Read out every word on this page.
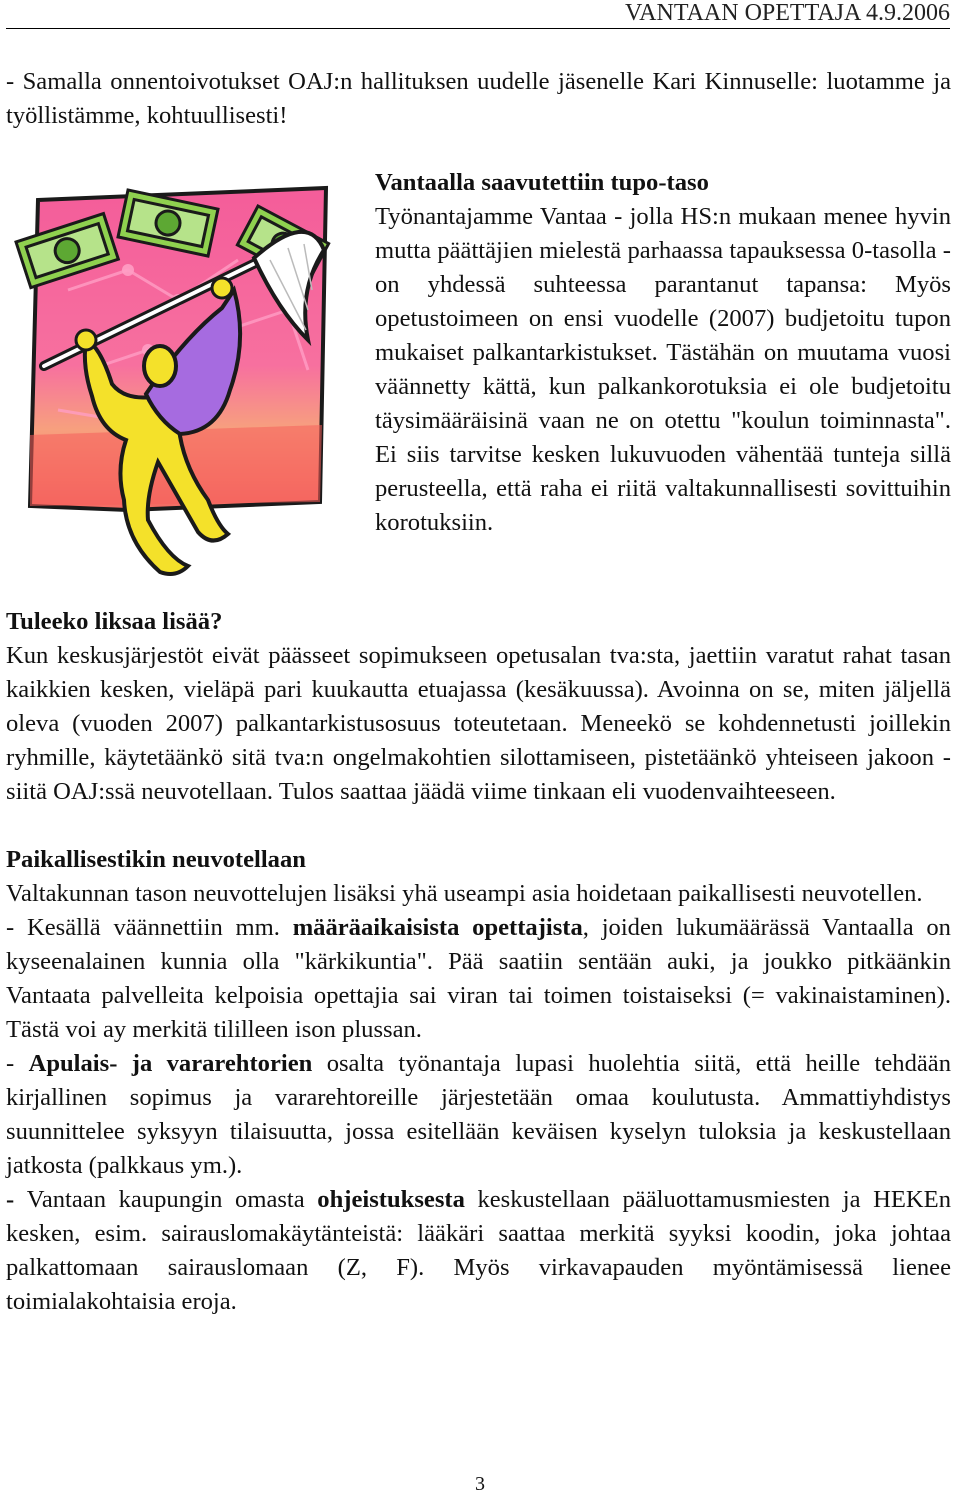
VANTAAN OPETTAJA 4.9.2006

- Samalla onnentoivotukset OAJ:n hallituksen uudelle jäsenelle Kari Kinnuselle: luotamme ja työllistämme, kohtuullisesti!

Vantaalla saavutettiin tupo-taso

Työnantajamme Vantaa - jolla HS:n mukaan menee hyvin mutta päättäjien mielestä parhaassa tapauksessa 0-tasolla - on yhdessä suhteessa parantanut tapansa: Myös opetustoimeen on ensi vuodelle (2007) budjetoitu tupon mukaiset palkantarkistukset. Tästähän on muutama vuosi väännetty kättä, kun palkankorotuksia ei ole budjetoitu täysimääräisinä vaan ne on otettu "koulun toiminnasta". Ei siis tarvitse kesken lukuvuoden vähentää tunteja sillä perusteella, että raha ei riitä valtakunnallisesti sovittuihin korotuksiin.

Tuleeko liksaa lisää?

Kun keskusjärjestöt eivät päässeet sopimukseen opetusalan tva:sta, jaettiin varatut rahat tasan kaikkien kesken, vieläpä pari kuukautta etuajassa (kesäkuussa). Avoinna on se, miten jäljellä oleva (vuoden 2007) palkantarkistusosuus toteutetaan. Meneekö se kohdennetusti joillekin ryhmille, käytetäänkö sitä tva:n ongelmakohtien silottamiseen, pistetäänkö yhteiseen jakoon - siitä OAJ:ssä neuvotellaan. Tulos saattaa jäädä viime tinkaan eli vuodenvaihteeseen.

Paikallisestikin neuvotellaan

Valtakunnan tason neuvottelujen lisäksi yhä useampi asia hoidetaan paikallisesti neuvotellen.

- Kesällä väännettiin mm. määräaikaisista opettajista, joiden lukumäärässä Vantaalla on kyseenalainen kunnia olla "kärkikuntia". Pää saatiin sentään auki, ja joukko pitkäänkin Vantaata palvelleita kelpoisia opettajia sai viran tai toimen toistaiseksi (= vakinaistaminen). Tästä voi ay merkitä tililleen ison plussan.

- Apulais- ja vararehtorien osalta työnantaja lupasi huolehtia siitä, että heille tehdään kirjallinen sopimus ja vararehtoreille järjestetään omaa koulutusta. Ammattiyhdistys suunnittelee syksyyn tilaisuutta, jossa esitellään keväisen kyselyn tuloksia ja keskustellaan jatkosta (palkkaus ym.).

- Vantaan kaupungin omasta ohjeistuksesta keskustellaan pääluottamusmiesten ja HEKEn kesken, esim. sairauslomakäytänteistä: lääkäri saattaa merkitä syyksi koodin, joka johtaa palkattomaan sairauslomaan (Z, F). Myös virkavapauden myöntämisessä lienee toimialakohtaisia eroja.

3
